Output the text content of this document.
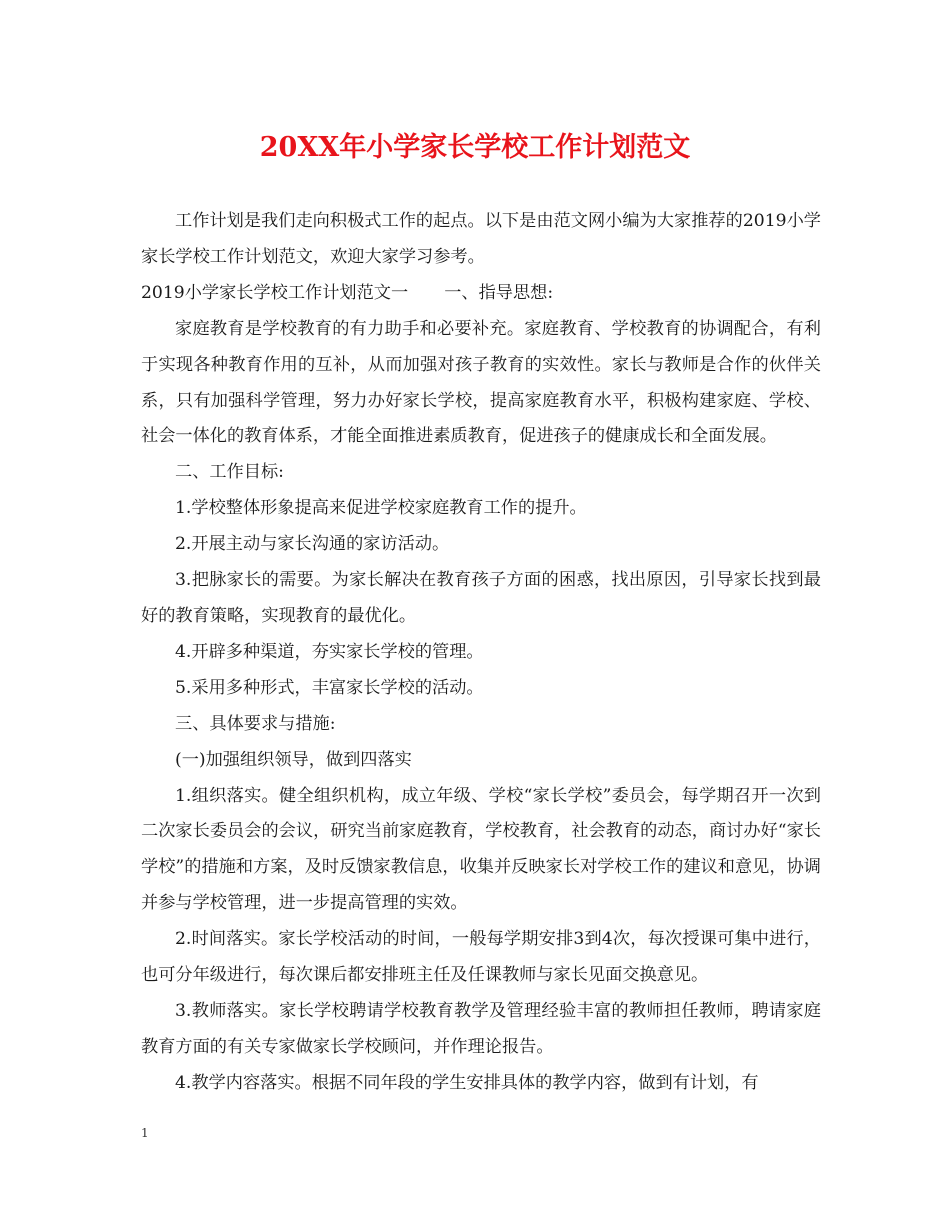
20XX年小学家长学校工作计划范文

工作计划是我们走向积极式工作的起点。以下是由范文网小编为大家推荐的2019小学家长学校工作计划范文，欢迎大家学习参考。

2019小学家长学校工作计划范文一 一、指导思想:

家庭教育是学校教育的有力助手和必要补充。家庭教育、学校教育的协调配合，有利于实现各种教育作用的互补，从而加强对孩子教育的实效性。家长与教师是合作的伙伴关系，只有加强科学管理，努力办好家长学校，提高家庭教育水平，积极构建家庭、学校、社会一体化的教育体系，才能全面推进素质教育，促进孩子的健康成长和全面发展。

二、工作目标:

1.学校整体形象提高来促进学校家庭教育工作的提升。

2.开展主动与家长沟通的家访活动。

3.把脉家长的需要。为家长解决在教育孩子方面的困惑，找出原因，引导家长找到最好的教育策略，实现教育的最优化。

4.开辟多种渠道，夯实家长学校的管理。

5.采用多种形式，丰富家长学校的活动。

三、具体要求与措施:

(一)加强组织领导，做到四落实

1.组织落实。健全组织机构，成立年级、学校“家长学校”委员会，每学期召开一次到二次家长委员会的会议，研究当前家庭教育，学校教育，社会教育的动态，商讨办好“家长学校”的措施和方案，及时反馈家教信息，收集并反映家长对学校工作的建议和意见，协调并参与学校管理，进一步提高管理的实效。

2.时间落实。家长学校活动的时间，一般每学期安排3到4次，每次授课可集中进行，也可分年级进行，每次课后都安排班主任及任课教师与家长见面交换意见。

3.教师落实。家长学校聘请学校教育教学及管理经验丰富的教师担任教师，聘请家庭教育方面的有关专家做家长学校顾问，并作理论报告。

4.教学内容落实。根据不同年段的学生安排具体的教学内容，做到有计划，有

1
